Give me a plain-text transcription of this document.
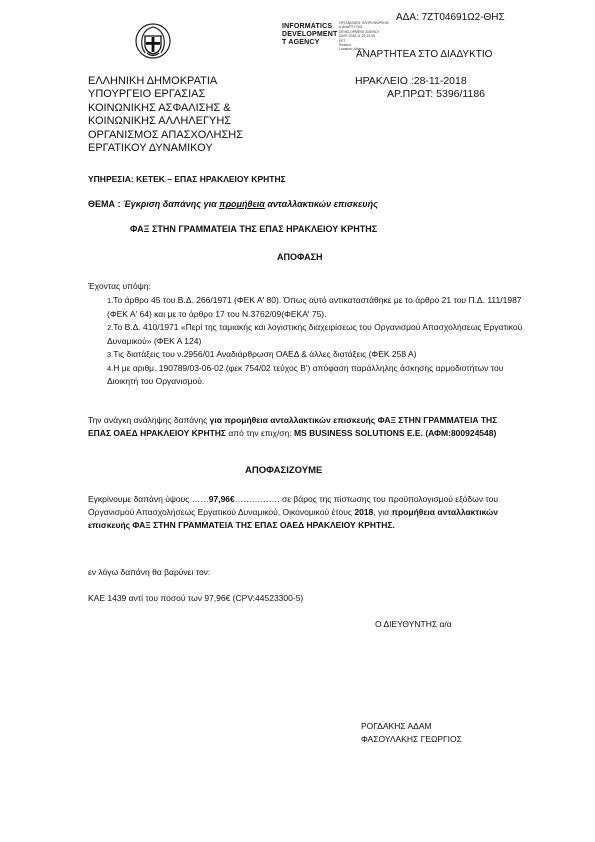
ΑΔΑ: 7ΖΤ04691Ω2-ΘΗΣ
INFORMATICS
DEVELOPMENT
T AGENCY
ΟΡΓΑΝΙΣΜΟΣ ΠΛΗΡΟΦΟΡΙΚΗΣ
& ΑΝΑΠΤΥΞΗΣ
DEVELOPMENT AGENCY
DATE 2018.11.29 19:39
EET
Reason:
Location: Athens
ΑΝΑΡΤΗΤΕΑ ΣΤΟ ΔΙΑΔΥΚΤΙΟ
ΕΛΛΗΝΙΚΗ ΔΗΜΟΚΡΑΤΙΑ
ΥΠΟΥΡΓΕΙΟ ΕΡΓΑΣΙΑΣ
ΚΟΙΝΩΝΙΚΗΣ ΑΣΦΑΛΙΣΗΣ &
ΚΟΙΝΩΝΙΚΗΣ ΑΛΛΗΛΕΓΥΗΣ
ΟΡΓΑΝΙΣΜΟΣ ΑΠΑΣΧΟΛΗΣΗΣ
ΕΡΓΑΤΙΚΟΥ ΔΥΝΑΜΙΚΟΥ
ΗΡΑΚΛΕΙΟ :28-11-2018
ΑΡ.ΠΡΩΤ: 5396/1186
ΥΠΗΡΕΣΙΑ: ΚΕΤΕΚ – ΕΠΑΣ ΗΡΑΚΛΕΙΟΥ ΚΡΗΤΗΣ
ΘΕΜΑ : Έγκριση δαπάνης για προμήθεια ανταλλακτικών επισκευής
ΦΑΞ ΣΤΗΝ ΓΡΑΜΜΑΤΕΙΑ ΤΗΣ ΕΠΑΣ ΗΡΑΚΛΕΙΟΥ ΚΡΗΤΗΣ
ΑΠΟΦΑΣΗ
Έχοντας υπόψη:
1.Το άρθρο 45 του Β.Δ. 266/1971 (ΦΕΚ Α' 80). Όπως αυτό αντικαταστάθηκε με το άρθρο 21 του Π.Δ. 111/1987 (ΦΕΚ Α' 64) και με το άρθρο 17 του Ν.3762/09(ΦΕΚΑ' 75).
2.Το Β.Δ. 410/1971 «Περί της ταμιακής και λογιστικής διαχειρίσεως του Οργανισμού Απασχολήσεως Εργατικού Δυναμικού» (ΦΕΚ Α 124)
3.Τις διατάξεις του ν.2956/01 Αναδιάρθρωση ΟΑΕΔ & άλλες διατάξεις (ΦΕΚ 258 Α)
4.Η με αριθμ. 190789/03-06-02 (φεκ 754/02 τεύχος Β') απόφαση παράλληλης άσκησης αρμοδιοτήτων του Διοικητή του Οργανισμού.
Την ανάγκη ανάληψης δαπάνης για προμήθεια ανταλλακτικών επισκευής ΦΑΞ ΣΤΗΝ ΓΡΑΜΜΑΤΕΙΑ ΤΗΣ ΕΠΑΣ ΟΑΕΔ ΗΡΑΚΛΕΙΟΥ ΚΡΗΤΗΣ από την επιχ/ση: MS BUSINESS SOLUTIONS Ε.Ε. (ΑΦΜ:800924548)
ΑΠΟΦΑΣΙΖΟΥΜΕ
Εγκρίνουμε δαπάνη ύψους ……97,96€……………. σε βάρος της πίστωσης του προϋπολογισμού εξόδων του Οργανισμού Απασχολήσεως Εργατικού Δυναμικού, Οικονομικού έτους 2018, για προμήθεια ανταλλακτικών επισκευής ΦΑΞ ΣΤΗΝ ΓΡΑΜΜΑΤΕΙΑ ΤΗΣ ΕΠΑΣ ΟΑΕΔ ΗΡΑΚΛΕΙΟΥ ΚΡΗΤΗΣ.
εν λόγω δαπάνη θα βαρύνει τον:
ΚΑΕ 1439 αντί του ποσού των 97,96€ (CPV:44523300-5)
Ο ΔΙΕΥΘΥΝΤΗΣ α/α
ΡΟΓΔΑΚΗΣ ΑΔΑΜ
ΦΑΣΟΥΛΑΚΗΣ ΓΕΩΡΓΙΟΣ
